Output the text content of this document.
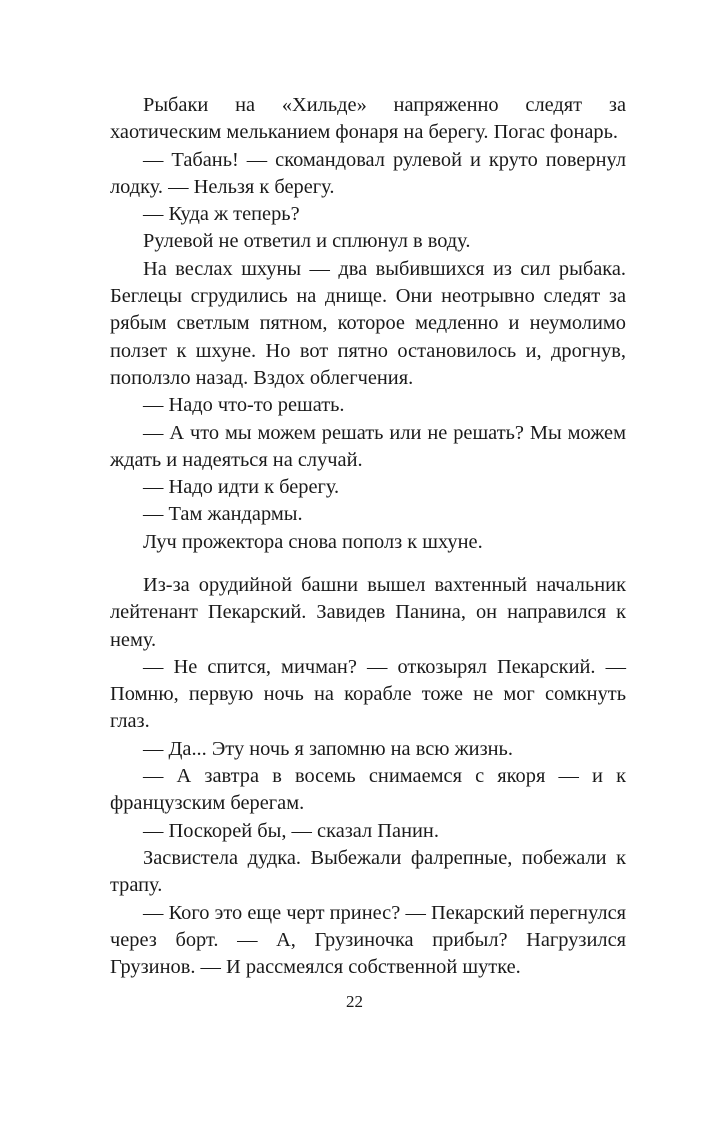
Рыбаки на «Хильде» напряженно следят за хаотическим мельканием фонаря на берегу. Погас фонарь.

— Табань! — скомандовал рулевой и круто повернул лодку. — Нельзя к берегу.

— Куда ж теперь?

Рулевой не ответил и сплюнул в воду.

На веслах шхуны — два выбившихся из сил рыбака. Беглецы сгрудились на днище. Они неотрывно следят за рябым светлым пятном, которое медленно и неумолимо ползет к шхуне. Но вот пятно остановилось и, дрогнув, поползло назад. Вздох облегчения.

— Надо что-то решать.

— А что мы можем решать или не решать? Мы можем ждать и надеяться на случай.

— Надо идти к берегу.

— Там жандармы.

Луч прожектора снова пополз к шхуне.

Из-за орудийной башни вышел вахтенный начальник лейтенант Пекарский. Завидев Панина, он направился к нему.

— Не спится, мичман? — откозырял Пекарский. — Помню, первую ночь на корабле тоже не мог сомкнуть глаз.

— Да... Эту ночь я запомню на всю жизнь.

— А завтра в восемь снимаемся с якоря — и к французским берегам.

— Поскорей бы, — сказал Панин.

Засвистела дудка. Выбежали фалрепные, побежали к трапу.

— Кого это еще черт принес? — Пекарский перегнулся через борт. — А, Грузиночка прибыл? Нагрузился Грузинов. — И рассмеялся собственной шутке.

22
